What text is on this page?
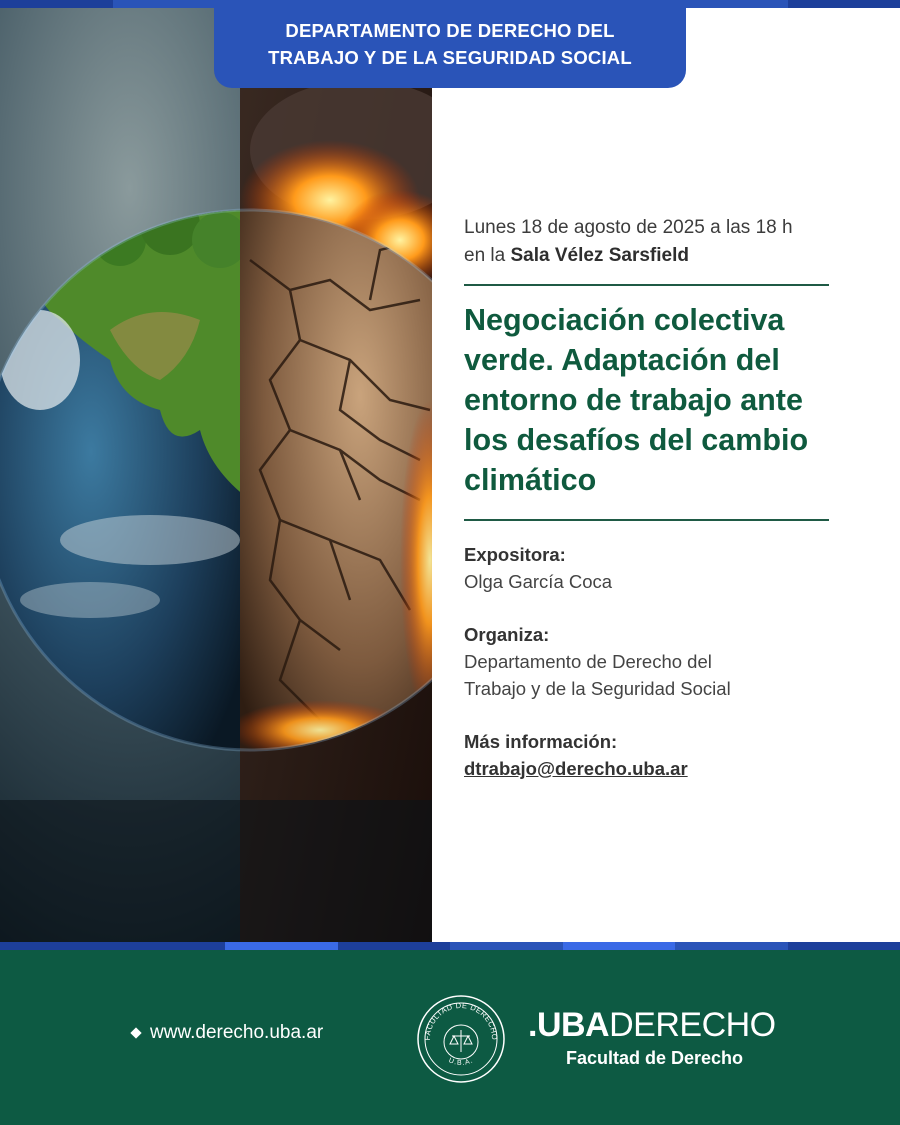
DEPARTAMENTO DE DERECHO DEL
TRABAJO Y DE LA SEGURIDAD SOCIAL
Lunes 18 de agosto de 2025 a las 18 h
en la Sala Vélez Sarsfield
Negociación colectiva verde. Adaptación del entorno de trabajo ante los desafíos del cambio climático
Expositora:
Olga García Coca
Organiza:
Departamento de Derecho del
Trabajo y de la Seguridad Social
Más información:
dtrabajo@derecho.uba.ar
www.derecho.uba.ar	FACULTAD DE DERECHO
U.B.A.
.UBADERECHO
Facultad de Derecho
